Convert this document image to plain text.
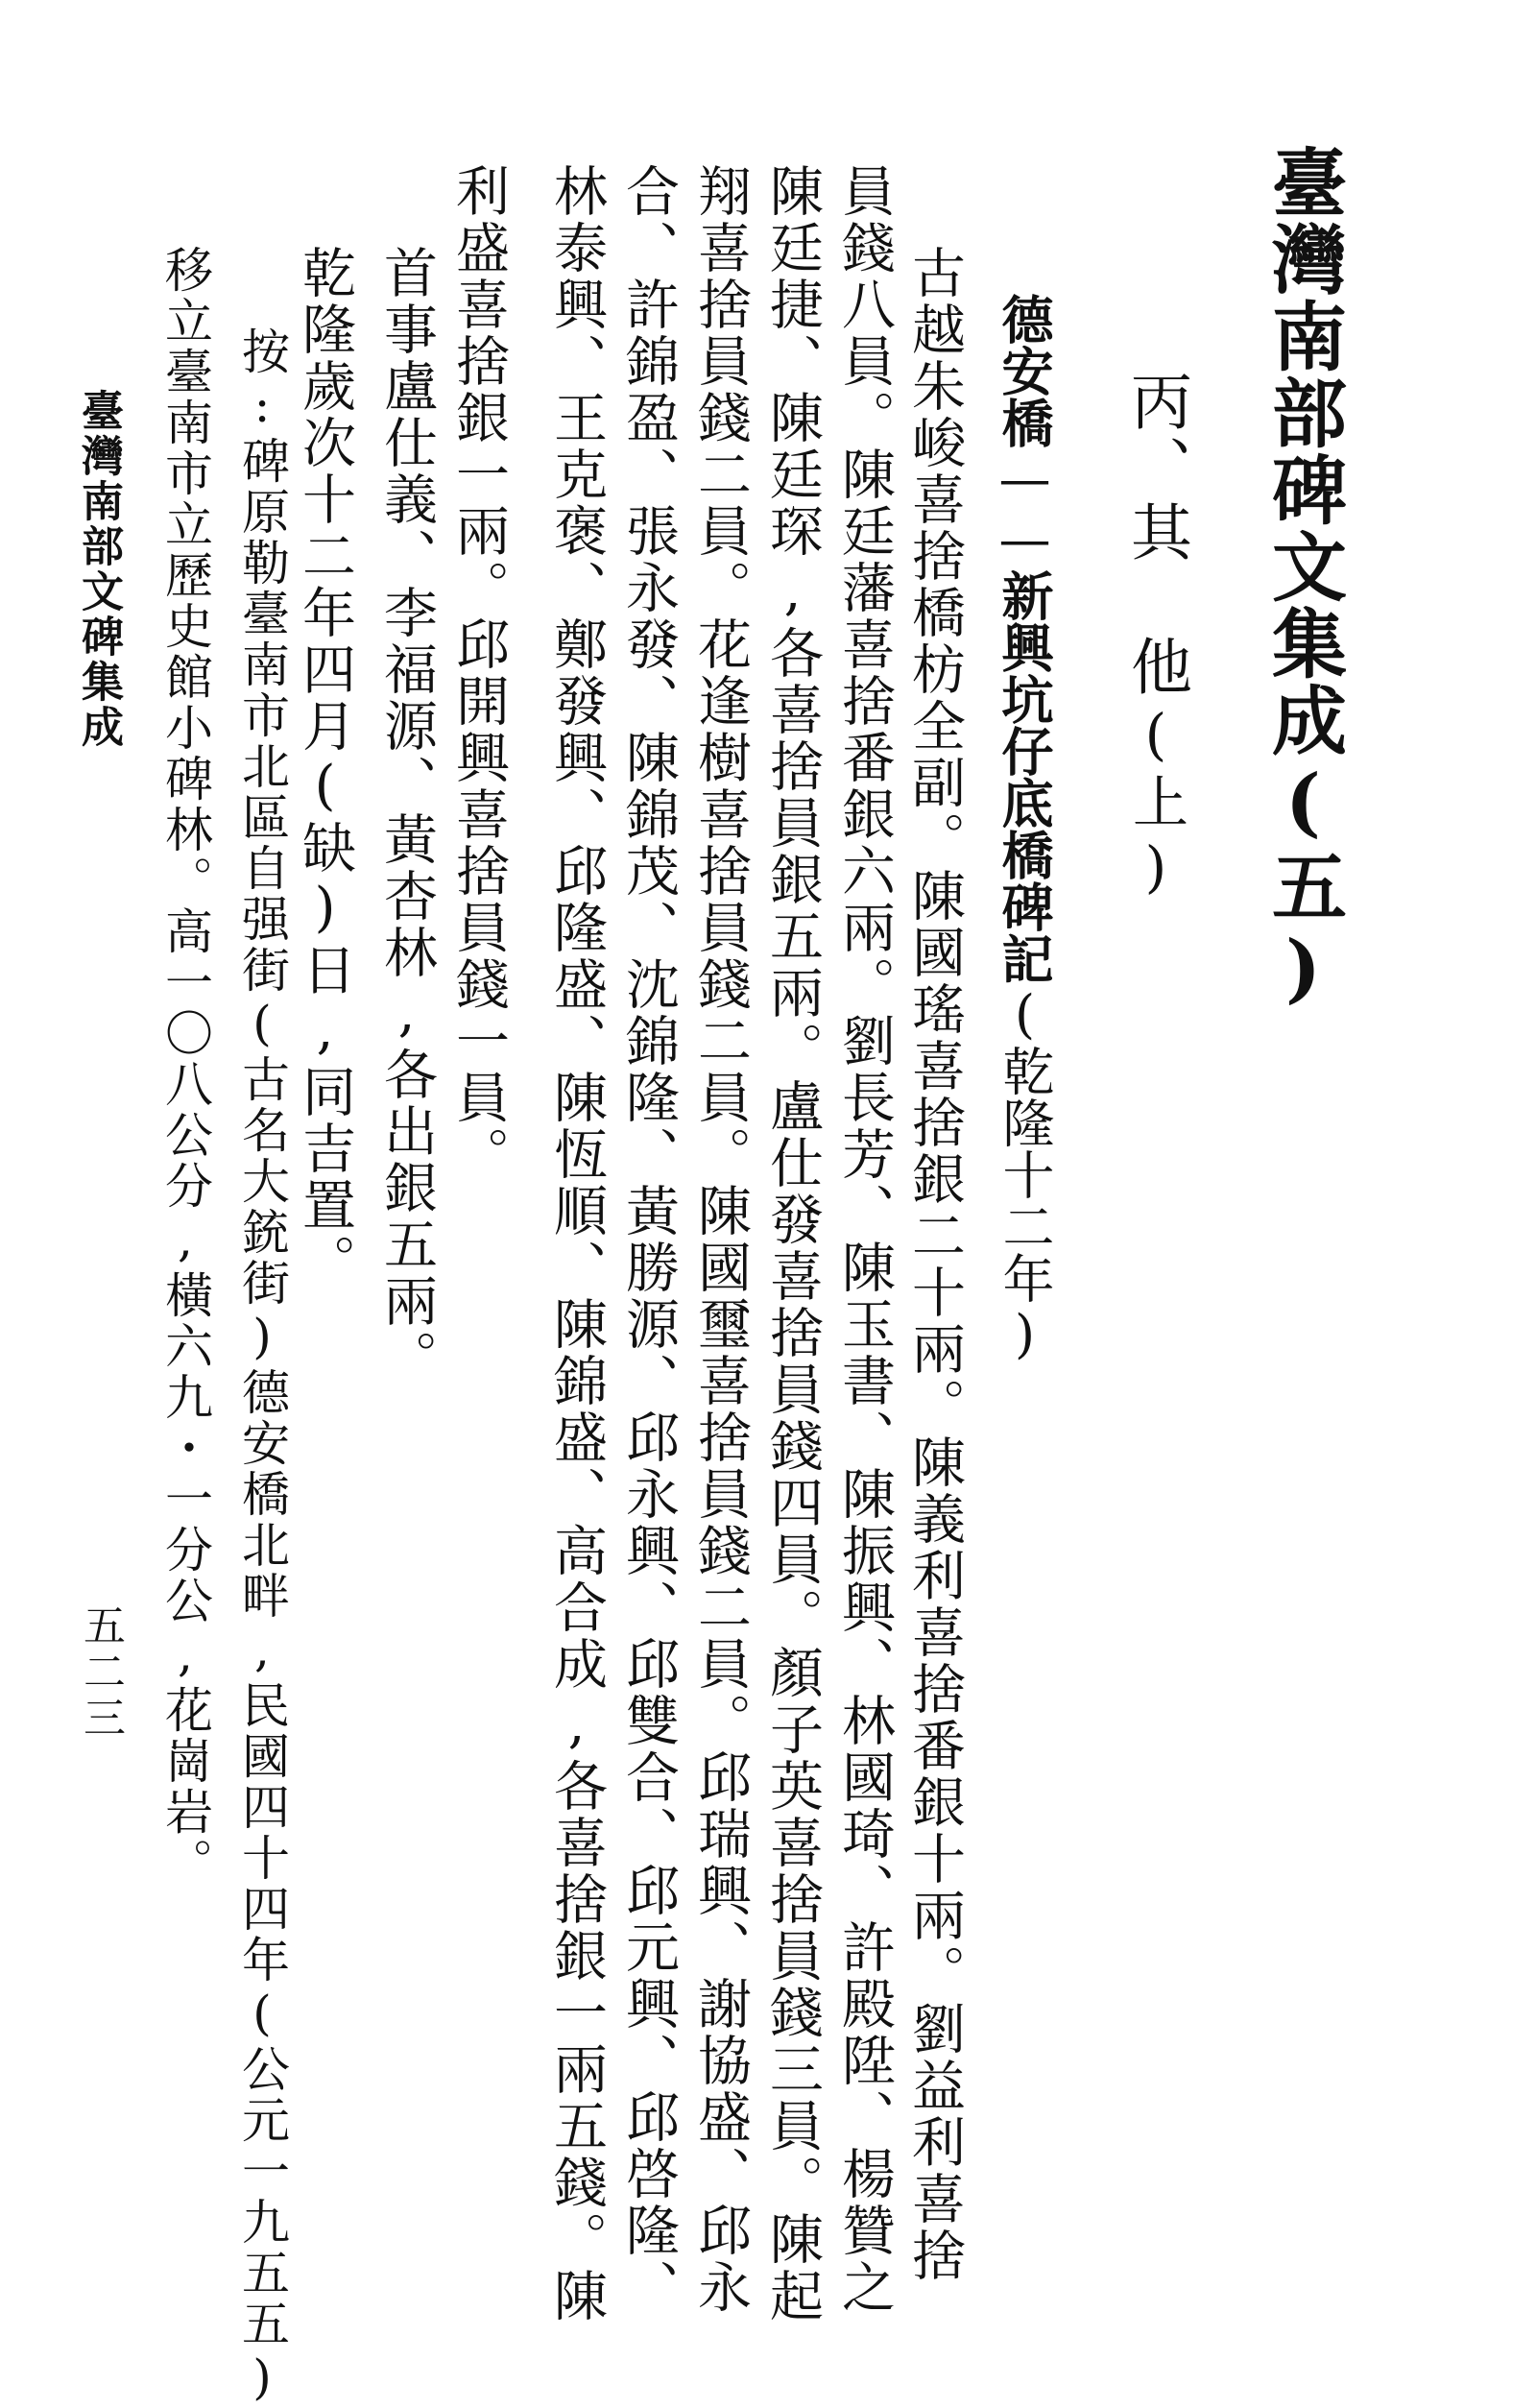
臺灣南部碑文集成(五)
丙、其　他(上)
德安橋——新興坑仔底橋碑記(乾隆十二年)
古越朱峻喜捨橋枋全副。陳國瑤喜捨銀二十兩。陳義利喜捨番銀十兩。劉益利喜捨
員錢八員。陳廷藩喜捨番銀六兩。劉長芳、陳玉書、陳振興、林國琦、許殿陞、楊贊之
陳廷捷、陳廷琛,各喜捨員銀五兩。盧仕發喜捨員錢四員。顏子英喜捨員錢三員。陳起
翔喜捨員錢二員。花逢樹喜捨員錢二員。陳國璽喜捨員錢二員。邱瑞興、謝協盛、邱永
合、許錦盈、張永發、陳錦茂、沈錦隆、黃勝源、邱永興、邱雙合、邱元興、邱啓隆、
林泰興、王克褒、鄭發興、邱隆盛、陳恆順、陳錦盛、高合成,各喜捨銀一兩五錢。陳
利盛喜捨銀一兩。邱開興喜捨員錢一員。
首事盧仕義、李福源、黃杏林,各出銀五兩。
乾隆歲次十二年四月(缺)日,同吉置。
按:碑原勒臺南市北區自强街(古名大銃街)德安橋北畔,民國四十四年(公元一九五五)
移立臺南市立歷史館小碑林。高一〇八公分,橫六九・一分公,花崗岩。
臺灣南部文碑集成
五二三
